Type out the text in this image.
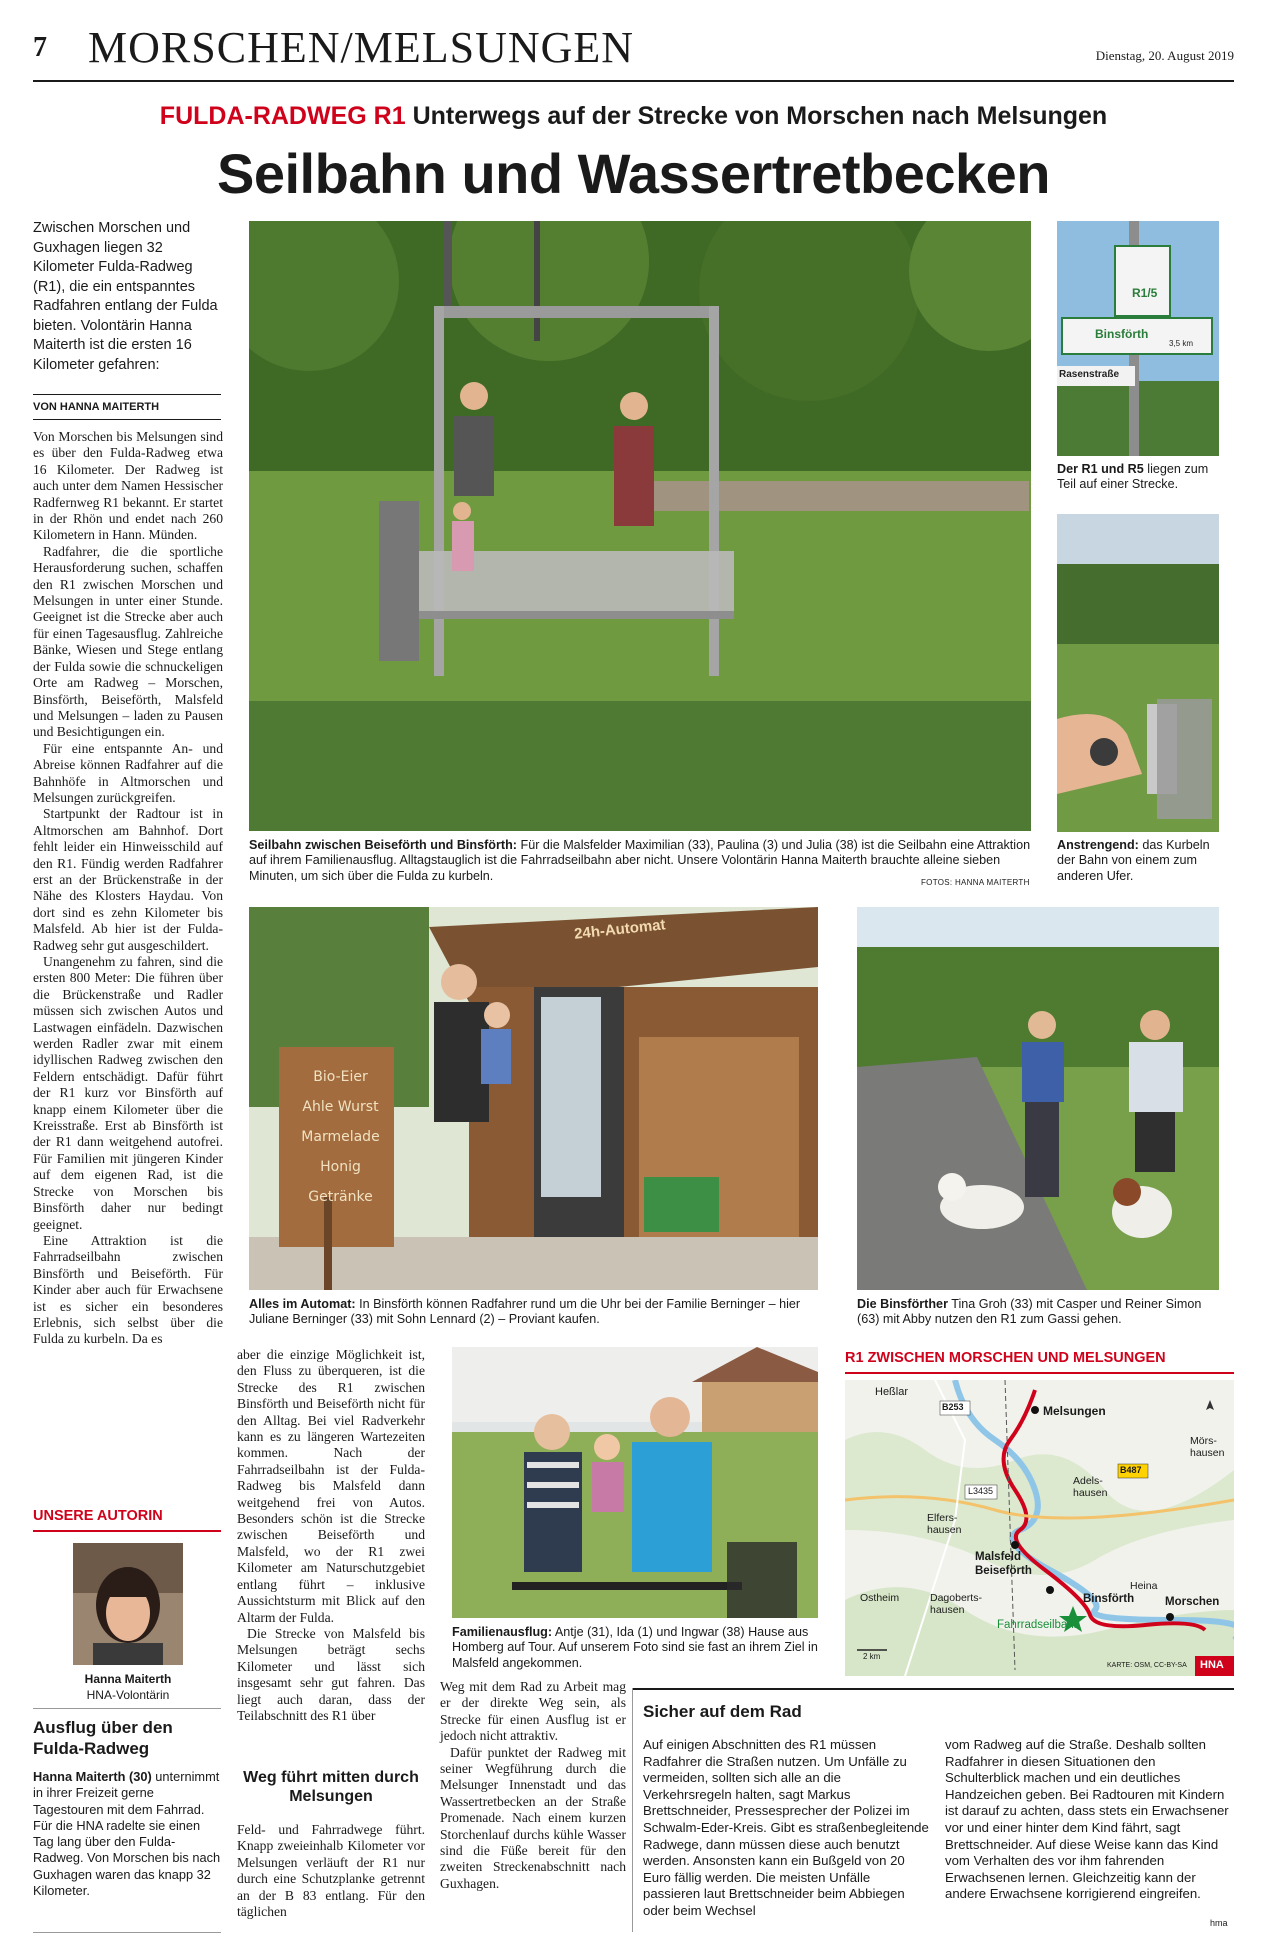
7 MORSCHEN/MELSUNGEN	Dienstag, 20. August 2019
FULDA-RADWEG R1 Unterwegs auf der Strecke von Morschen nach Melsungen
Seilbahn und Wassertretbecken
Zwischen Morschen und Guxhagen liegen 32 Kilometer Fulda-Radweg (R1), die ein entspanntes Radfahren entlang der Fulda bieten. Volontärin Hanna Maiterth ist die ersten 16 Kilometer gefahren:
VON HANNA MAITERTH

Von Morschen bis Melsungen sind es über den Fulda-Radweg etwa 16 Kilometer. Der Radweg ist auch unter dem Namen Hessischer Radfernweg R1 bekannt. Er startet in der Rhön und endet nach 260 Kilometern in Hann. Münden.

Radfahrer, die die sportliche Herausforderung suchen, schaffen den R1 zwischen Morschen und Melsungen in unter einer Stunde. Geeignet ist die Strecke aber auch für einen Tagesausflug. Zahlreiche Bänke, Wiesen und Stege entlang der Fulda sowie die schnuckeligen Orte am Radweg – Morschen, Binsförth, Beiseförth, Malsfeld und Melsungen – laden zu Pausen und Besichtigungen ein.

Für eine entspannte An- und Abreise können Radfahrer auf die Bahnhöfe in Altmorschen und Melsungen zurückgreifen.

Startpunkt der Radtour ist in Altmorschen am Bahnhof. Dort fehlt leider ein Hinweisschild auf den R1. Fündig werden Radfahrer erst an der Brückenstraße in der Nähe des Klosters Haydau. Von dort sind es zehn Kilometer bis Malsfeld. Ab hier ist der Fulda-Radweg sehr gut ausgeschildert.

Unangenehm zu fahren, sind die ersten 800 Meter: Die führen über die Brückenstraße und Radler müssen sich zwischen Autos und Lastwagen einfädeln. Dazwischen werden Radler zwar mit einem idyllischen Radweg zwischen den Feldern entschädigt. Dafür führt der R1 kurz vor Binsförth auf knapp einem Kilometer über die Kreisstraße. Erst ab Binsförth ist der R1 dann weitgehend autofrei. Für Familien mit jüngeren Kinder auf dem eigenen Rad, ist die Strecke von Morschen bis Binsförth daher nur bedingt geeignet.

Eine Attraktion ist die Fahrradseilbahn zwischen Binsförth und Beiseförth. Für Kinder aber auch für Erwachsene ist es sicher ein besonderes Erlebnis, sich selbst über die Fulda zu kurbeln. Da es

Seilbahn zwischen Beiseförth und Binsförth: Für die Malsfelder Maximilian (33), Paulina (3) und Julia (38) ist die Seilbahn eine Attraktion auf ihrem Familienausflug. Alltagstauglich ist die Fahrradseilbahn aber nicht. Unsere Volontärin Hanna Maiterth brauchte alleine sieben Minuten, um sich über die Fulda zu kurbeln.	FOTOS: HANNA MAITERTH
R1/5
Binsförth
3,5 km
Rasenstraße
Der R1 und R5 liegen zum Teil auf einer Strecke.
Anstrengend: das Kurbeln der Bahn von einem zum anderen Ufer.
24h-Automat
Bio-Eier
Ahle Wurst
Marmelade
Honig
Getränke
Alles im Automat: In Binsförth können Radfahrer rund um die Uhr bei der Familie Berninger – hier Juliane Berninger (33) mit Sohn Lennard (2) – Proviant kaufen.
Die Binsförther Tina Groh (33) mit Casper und Reiner Simon (63) mit Abby nutzen den R1 zum Gassi gehen.

aber die einzige Möglichkeit ist, den Fluss zu überqueren, ist die Strecke des R1 zwischen Binsförth und Beiseförth nicht für den Alltag. Bei viel Radverkehr kann es zu längeren Wartezeiten kommen. Nach der Fahrradseilbahn ist der Fulda-Radweg bis Malsfeld dann weitgehend frei von Autos. Besonders schön ist die Strecke zwischen Beiseförth und Malsfeld, wo der R1 zwei Kilometer am Naturschutzgebiet entlang führt – inklusive Aussichtsturm mit Blick auf den Altarm der Fulda.

Die Strecke von Malsfeld bis Melsungen beträgt sechs Kilometer und lässt sich insgesamt sehr gut fahren. Das liegt auch daran, dass der Teilabschnitt des R1 über

Weg führt mitten durch Melsungen

Feld- und Fahrradwege führt. Knapp zweieinhalb Kilometer vor Melsungen verläuft der R1 nur durch eine Schutzplanke getrennt an der B 83 entlang. Für den täglichen

Familienausflug: Antje (31), Ida (1) und Ingwar (38) Hause aus Homberg auf Tour. Auf unserem Foto sind sie fast an ihrem Ziel in Malsfeld angekommen.
R1 ZWISCHEN MORSCHEN UND MELSUNGEN
Heßlar
B253	Melsungen
Mörs-
hausen
B487
L3435
Adels-
hausen
Elfers-
hausen
Malsfeld
Beiseförth
Heina
Ostheim	Dagoberts-
hausen
Binsförth	Morschen
Fahrradseilbahn
2 km
KARTE: OSM, CC-BY-SA HNA

Weg mit dem Rad zu Arbeit mag er der direkte Weg sein, als Strecke für einen Ausflug ist er jedoch nicht attraktiv.

Dafür punktet der Radweg mit seiner Wegführung durch die Melsunger Innenstadt und das Wassertretbecken an der Straße Promenade. Nach einem kurzen Storchenlauf durchs kühle Wasser sind die Füße bereit für den zweiten Streckenabschnitt nach Guxhagen.

Sicher auf dem Rad
Auf einigen Abschnitten des R1 müssen Radfahrer die Straßen nutzen. Um Unfälle zu vermeiden, sollten sich alle an die Verkehrsregeln halten, sagt Markus Brettschneider, Pressesprecher der Polizei im Schwalm-Eder-Kreis. Gibt es straßenbegleitende Radwege, dann müssen diese auch benutzt werden. Ansonsten kann ein Bußgeld von 20 Euro fällig werden. Die meisten Unfälle passieren laut Brettschneider beim Abbiegen oder beim Wechsel
vom Radweg auf die Straße. Deshalb sollten Radfahrer in diesen Situationen den Schulterblick machen und ein deutliches Handzeichen geben. Bei Radtouren mit Kindern ist darauf zu achten, dass stets ein Erwachsener vor und einer hinter dem Kind fährt, sagt Brettschneider. Auf diese Weise kann das Kind vom Verhalten des vor ihm fahrenden Erwachsenen lernen. Gleichzeitig kann der andere Erwachsene korrigierend eingreifen.
hma
UNSERE AUTORIN
Hanna Maiterth
HNA-Volontärin
Ausflug über den Fulda-Radweg
Hanna Maiterth (30) unternimmt in ihrer Freizeit gerne Tagestouren mit dem Fahrrad. Für die HNA radelte sie einen Tag lang über den Fulda-Radweg. Von Morschen bis nach Guxhagen waren das knapp 32 Kilometer.
